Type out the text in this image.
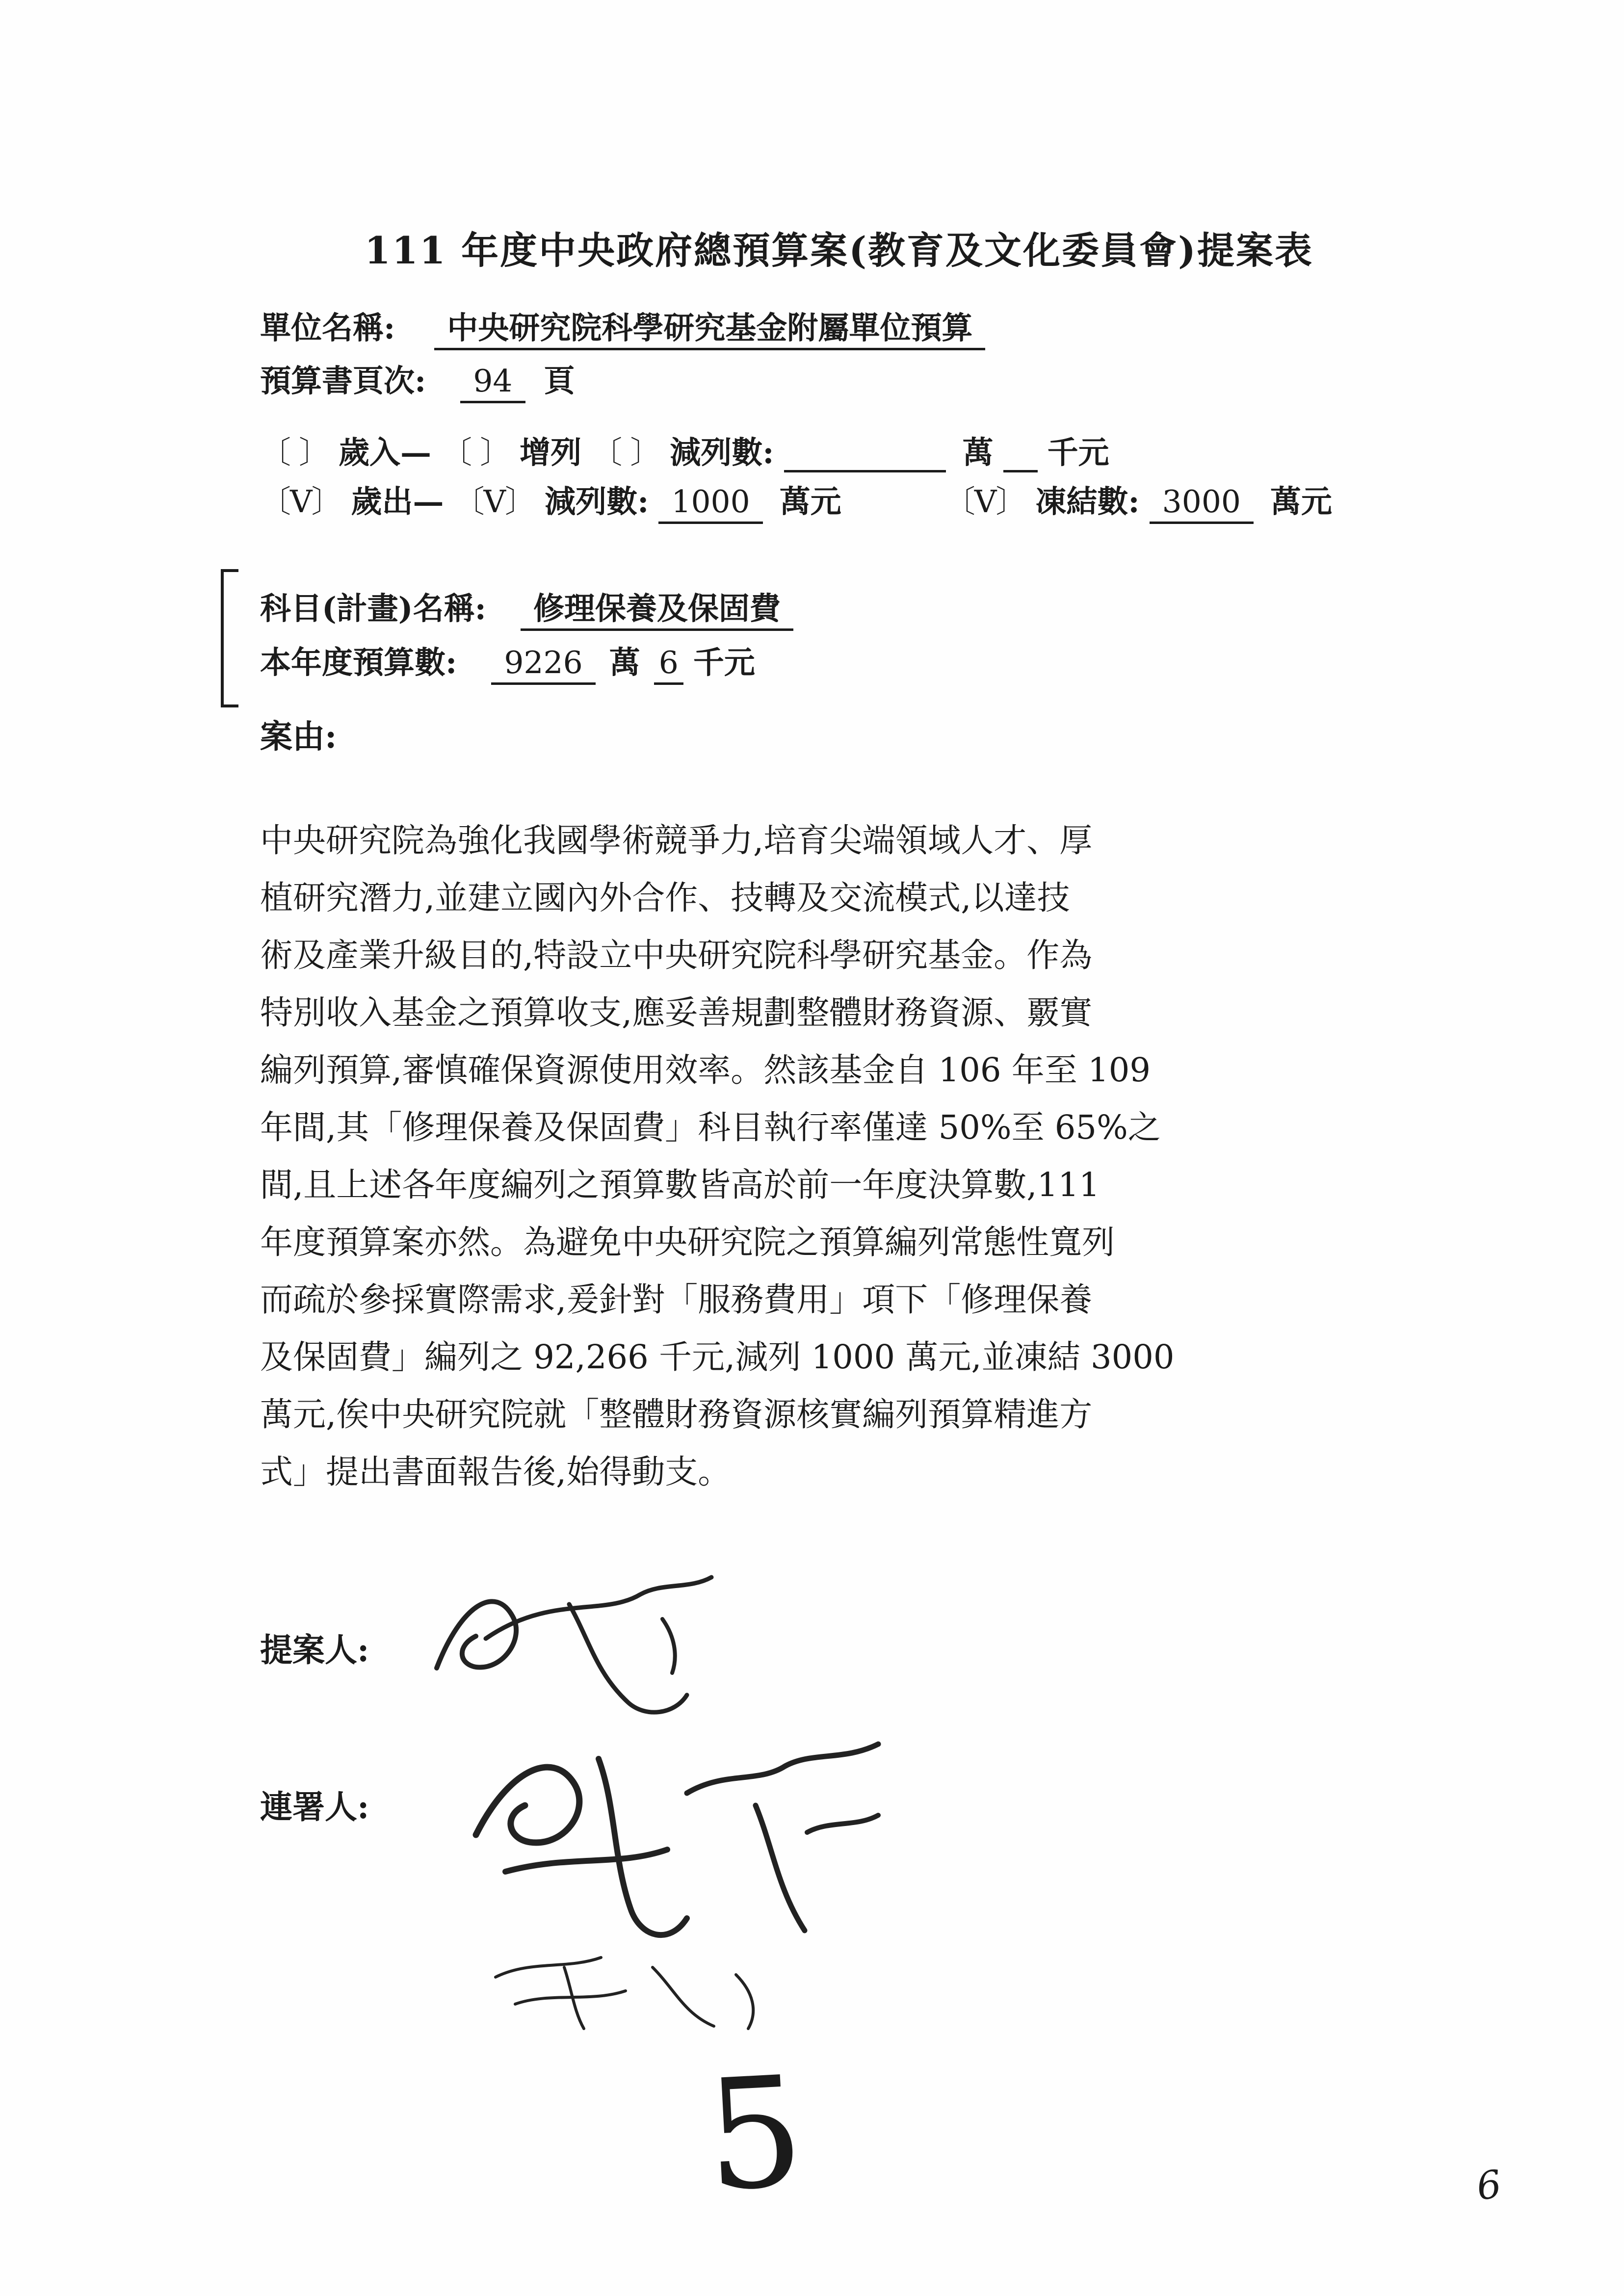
111 年度中央政府總預算案(教育及文化委員會)提案表
單位名稱: 中央研究院科學研究基金附屬單位預算
預算書頁次: 94 頁
〔 〕 歲入— 〔 〕 增列 〔 〕 減列數:	萬 千元
〔V〕 歲出— 〔V〕 減列數: 1000 萬元	〔V〕 凍結數: 3000 萬元
科目(計畫)名稱: 修理保養及保固費
本年度預算數: 9226 萬 6 千元
案由:
中央研究院為強化我國學術競爭力,培育尖端領域人才、厚
植研究潛力,並建立國內外合作、技轉及交流模式,以達技
術及產業升級目的,特設立中央研究院科學研究基金。作為
特別收入基金之預算收支,應妥善規劃整體財務資源、覈實
編列預算,審慎確保資源使用效率。然該基金自 106 年至 109
年間,其「修理保養及保固費」科目執行率僅達 50%至 65%之
間,且上述各年度編列之預算數皆高於前一年度決算數,111
年度預算案亦然。為避免中央研究院之預算編列常態性寬列
而疏於參採實際需求,爰針對「服務費用」項下「修理保養
及保固費」編列之 92,266 千元,減列 1000 萬元,並凍結 3000
萬元,俟中央研究院就「整體財務資源核實編列預算精進方
式」提出書面報告後,始得動支。
提案人:
連署人:
5	6
